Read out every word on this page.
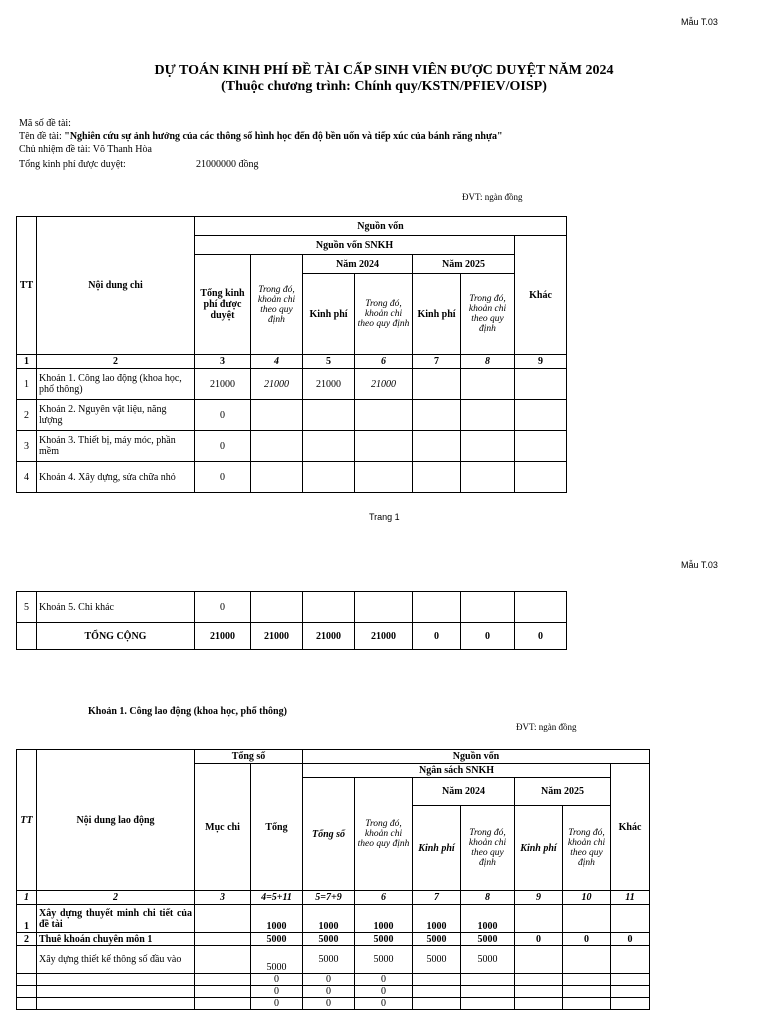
Mẫu T.03
DỰ TOÁN KINH PHÍ ĐỀ TÀI CẤP SINH VIÊN ĐƯỢC DUYỆT NĂM 2024
(Thuộc chương trình: Chính quy/KSTN/PFIEV/OISP)
Mã số đề tài:
Tên đề tài: "Nghiên cứu sự ảnh hưởng của các thông số hình học đến độ bền uốn và tiếp xúc của bánh răng nhựa"
Chủ nhiệm đề tài: Võ Thanh Hòa
Tổng kinh phí được duyệt:	21000000 đồng
ĐVT: ngàn đồng
TT	Nội dung chi	Nguồn vốn						
		Nguồn vốn SNKH						Khác
		Tổng kinh phí được duyệt	Trong đó, khoản chi theo quy định	Năm 2024		Năm 2025		
				Kinh phí	Trong đó, khoản chi theo quy định	Kinh phí	Trong đó, khoản chi theo quy định	
1	2	3	4	5	6	7	8	9
1	Khoản 1. Công lao động (khoa học, phổ thông)	21000	21000	21000	21000			
2	Khoản 2. Nguyên vật liệu, năng lượng	0						
3	Khoản 3. Thiết bị, máy móc, phần mềm	0						
4	Khoản 4. Xây dựng, sửa chữa nhỏ	0						
Trang 1
Mẫu T.03
5	Khoản 5. Chi khác	0						
	TỔNG CỘNG	21000	21000	21000	21000	0	0	0
Khoản 1. Công lao động (khoa học, phổ thông)
ĐVT: ngàn đồng
TT	Nội dung lao động	Tổng số		Nguồn vốn						
		Mục chi	Tổng	Ngân sách SNKH						Khác
				Tổng số	Trong đó, khoản chi theo quy định	Năm 2024		Năm 2025		
						Kinh phí	Trong đó, khoản chi theo quy định	Kinh phí	Trong đó, khoản chi theo quy định	
1	2	3	4=5+11	5=7+9	6	7	8	9	10	11
1	Xây dựng thuyết minh chi tiết của đề tài		1000	1000	1000	1000	1000			
2	Thuê khoán chuyên môn 1		5000	5000	5000	5000	5000	0	0	0
	Xây dựng thiết kế thông số đầu vào		5000	5000	5000	5000	5000			
			0	0	0					
			0	0	0					
			0	0	0					
